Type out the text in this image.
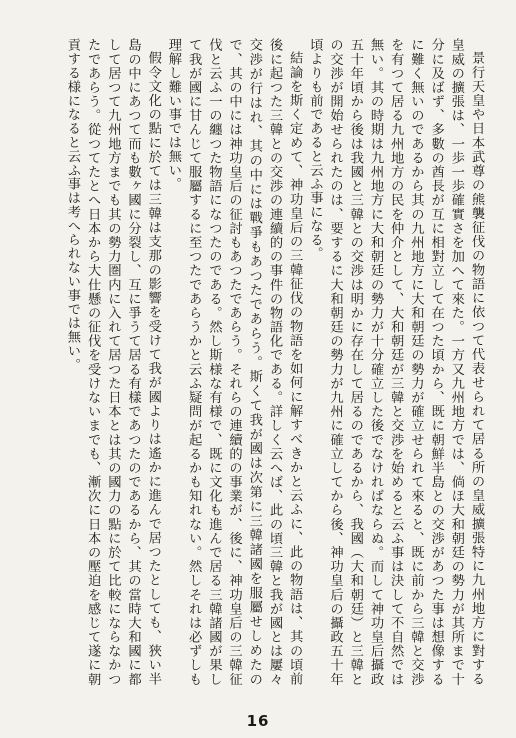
景行天皇や日本武尊の熊襲征伐の物語に依つて代表せられて居る所の皇威擴張特に九州地方に對する皇威の擴張は、一歩一歩確實さを加へて來た。一方又九州地方では、倘ほ大和朝廷の勢力が其所まで十分に及ばず、多數の酋長が互に相對立して在つた頃から、既に朝鮮半島との交渉があつた事は想像するに難く無いのであるから其の九州地方に大和朝廷の勢力が確立せられて來ると、既に前から三韓と交渉を有つて居る九州地方の民を仲介として、大和朝廷が三韓と交渉を始めると云ふ事は決して不自然では無い。其の時期は九州地方に大和朝廷の勢力が十分確立した後でなければならぬ。而して神功皇后攝政五十年頃から後は我國と三韓との交渉は明かに存在して居るのであるから、我國（大和朝廷）と三韓との交渉が開始せられたのは、要するに大和朝廷の勢力が九州に確立してから後、神功皇后の攝政五十年頃よりも前であると云ふ事になる。

結論を斯く定めて、神功皇后の三韓征伐の物語を如何に解すべきかと云ふに、此の物語は、其の頃前後に起つた三韓との交渉の連續的の事件の物語化である。詳しく云へば、此の頃三韓と我が國とは屢々交渉が行はれ、其の中には戰爭もあつたであらう。斯くて我が國は次第に三韓諸國を服屬せしめたので、其の中には神功皇后の征討もあつたであらう。それらの連續的の事業が、後に、神功皇后の三韓征伐と云ふ一の纏つた物語になつたのである。然し斯様な有様で、既に文化も進んで居る三韓諸國が果して我が國に甘んじて服屬するに至つたであらうかと云ふ疑問が起るかも知れない。然しそれは必ずしも理解し難い事では無い。

假令文化の點に於ては三韓は支那の影響を受けて我が國よりは遙かに進んで居つたとしても、狹い半島の中にあつて而も數ヶ國に分裂し、互に爭うて居る有樣であつたのであるから、其の當時大和國に都して居つて九州地方までも其の勢力圏内に入れて居つた日本とは其の國力の點に於て比較にならなかつたであらう。從つてたとへ日本から大仕懸の征伐を受けないまでも、漸次に日本の壓迫を感じて遂に朝貢する様になると云ふ事は考へられない事では無い。

16
